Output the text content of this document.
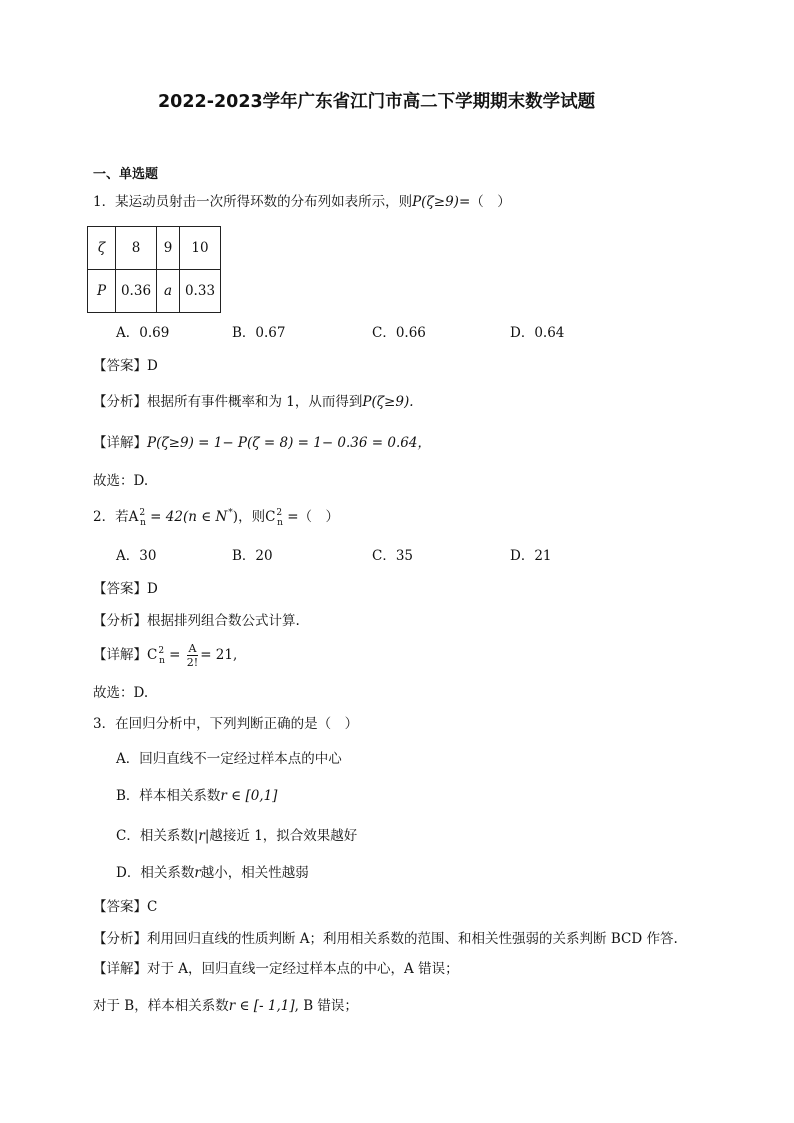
2022-2023学年广东省江门市高二下学期期末数学试题
一、单选题
1．某运动员射击一次所得环数的分布列如表所示，则P(ζ≥9)=（　）
ζ	8	9	10
P	0.36	a	0.33
A．0.69	B．0.67	C．0.66	D．0.64
【答案】D
【分析】根据所有事件概率和为 1，从而得到P(ζ≥9).
【详解】P(ζ≥9) = 1− P(ζ = 8) = 1− 0.36 = 0.64，
故选：D.
2．若$A^2_n = 42(n$ ∈ N*)，则$C^2_n$ =（　）
A．30	B．20	C．35	D．21
【答案】D
【分析】根据排列组合数公式计算.
【详解】$C^2_n = \frac{A}{2!} = 21$,
故选：D.
3．在回归分析中，下列判断正确的是（　）
A．回归直线不一定经过样本点的中心
B．样本相关系数r ∈ [0,1]
C．相关系数|r|越接近 1，拟合效果越好
D．相关系数r越小，相关性越弱
【答案】C
【分析】利用回归直线的性质判断 A；利用相关系数的范围、和相关性强弱的关系判断 BCD 作答.
【详解】对于 A，回归直线一定经过样本点的中心，A 错误；
对于 B，样本相关系数r ∈ [- 1,1], B 错误；
